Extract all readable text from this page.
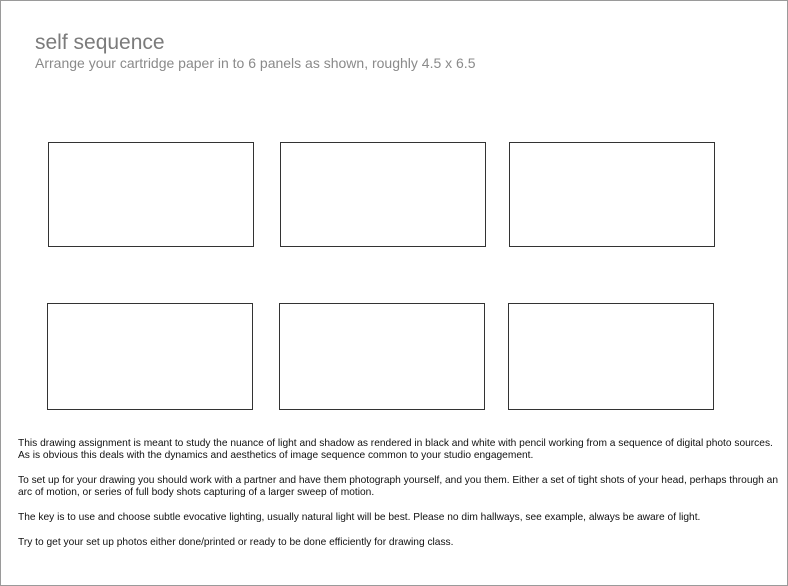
self sequence
Arrange your cartridge paper in to 6 panels as shown, roughly 4.5 x 6.5

This drawing assignment is meant to study the nuance of light and shadow as rendered in black and white with pencil working from a sequence of digital photo sources. As is obvious this deals with the dynamics and aesthetics of image sequence common to your studio engagement.

To set up for your drawing you should work with a partner and have them photograph yourself, and you them. Either a set of tight shots of your head, perhaps through an arc of motion, or series of full body shots capturing of a larger sweep of motion.

The key is to use and choose subtle evocative lighting, usually natural light will be best. Please no dim hallways, see example, always be aware of light.

Try to get your set up photos either done/printed or ready to be done efficiently for drawing class.
